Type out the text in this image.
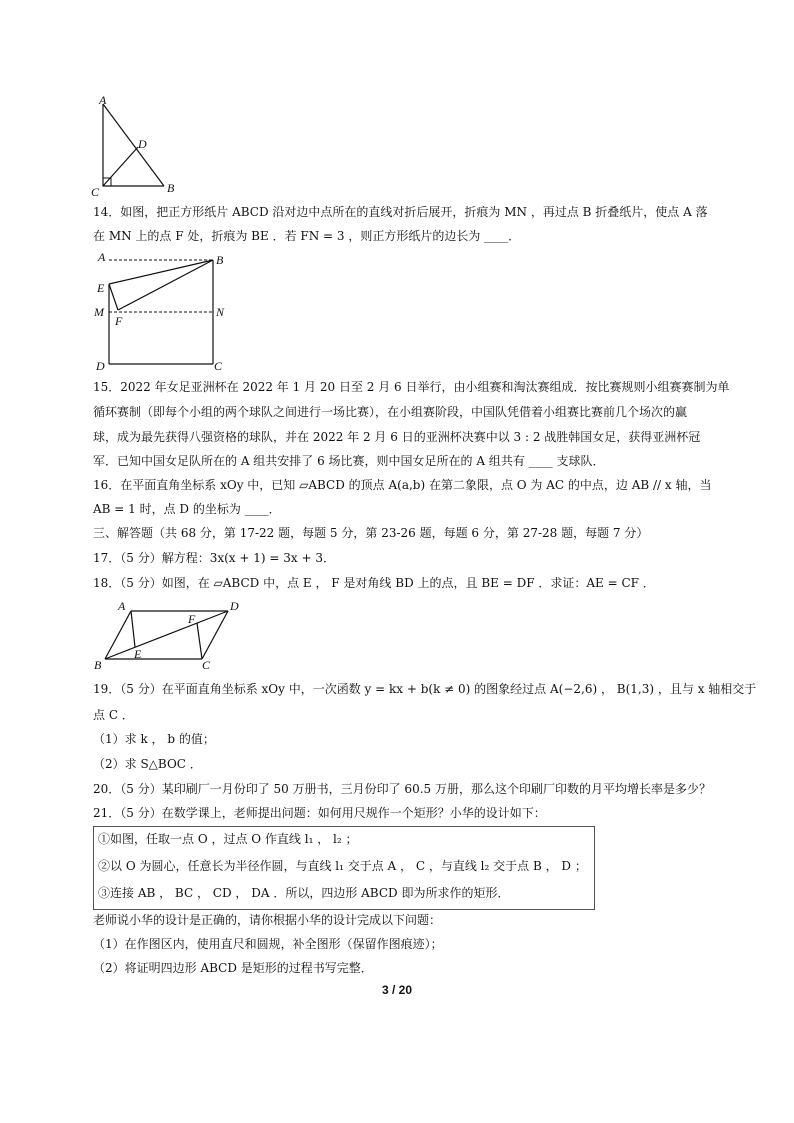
A
D
C	B
A	B
E
M
F
N
D	C
A	D
F
E
B	C
14．如图，把正方形纸片 ABCD 沿对边中点所在的直线对折后展开，折痕为 MN ，再过点 B 折叠纸片，使点 A 落
在 MN 上的点 F 处，折痕为 BE ．若 FN = 3 ，则正方形纸片的边长为 ____．
15．2022 年女足亚洲杯在 2022 年 1 月 20 日至 2 月 6 日举行，由小组赛和淘汰赛组成．按比赛规则小组赛赛制为单
循环赛制（即每个小组的两个球队之间进行一场比赛），在小组赛阶段，中国队凭借着小组赛比赛前几个场次的赢
球，成为最先获得八强资格的球队，并在 2022 年 2 月 6 日的亚洲杯决赛中以 3 : 2 战胜韩国女足，获得亚洲杯冠
军．已知中国女足队所在的 A 组共安排了 6 场比赛，则中国女足所在的 A 组共有 ____ 支球队．
16．在平面直角坐标系 xOy 中，已知 ▱ABCD 的顶点 A(a,b) 在第二象限，点 O 为 AC 的中点，边 AB // x 轴，当
AB = 1 时，点 D 的坐标为 ____．
三、解答题（共 68 分，第 17-22 题，每题 5 分，第 23-26 题，每题 6 分，第 27-28 题，每题 7 分）
17．（5 分）解方程：3x(x + 1) = 3x + 3．
18．（5 分）如图，在 ▱ABCD 中，点 E ， F 是对角线 BD 上的点，且 BE = DF ．求证：AE = CF ．
19．（5 分）在平面直角坐标系 xOy 中，一次函数 y = kx + b(k ≠ 0) 的图象经过点 A(−2,6) ， B(1,3) ，且与 x 轴相交于
点 C ．
（1）求 k ， b 的值；
（2）求 S△BOC ．
20．（5 分）某印刷厂一月份印了 50 万册书，三月份印了 60.5 万册，那么这个印刷厂印数的月平均增长率是多少？
21．（5 分）在数学课上，老师提出问题：如何用尺规作一个矩形？小华的设计如下：
①如图，任取一点 O ，过点 O 作直线 l₁ ， l₂ ；
②以 O 为圆心，任意长为半径作圆，与直线 l₁ 交于点 A ， C ，与直线 l₂ 交于点 B ， D ；
③连接 AB ， BC ， CD ， DA ．所以，四边形 ABCD 即为所求作的矩形．
老师说小华的设计是正确的，请你根据小华的设计完成以下问题：
（1）在作图区内，使用直尺和圆规，补全图形（保留作图痕迹）；
（2）将证明四边形 ABCD 是矩形的过程书写完整．
3 / 20
